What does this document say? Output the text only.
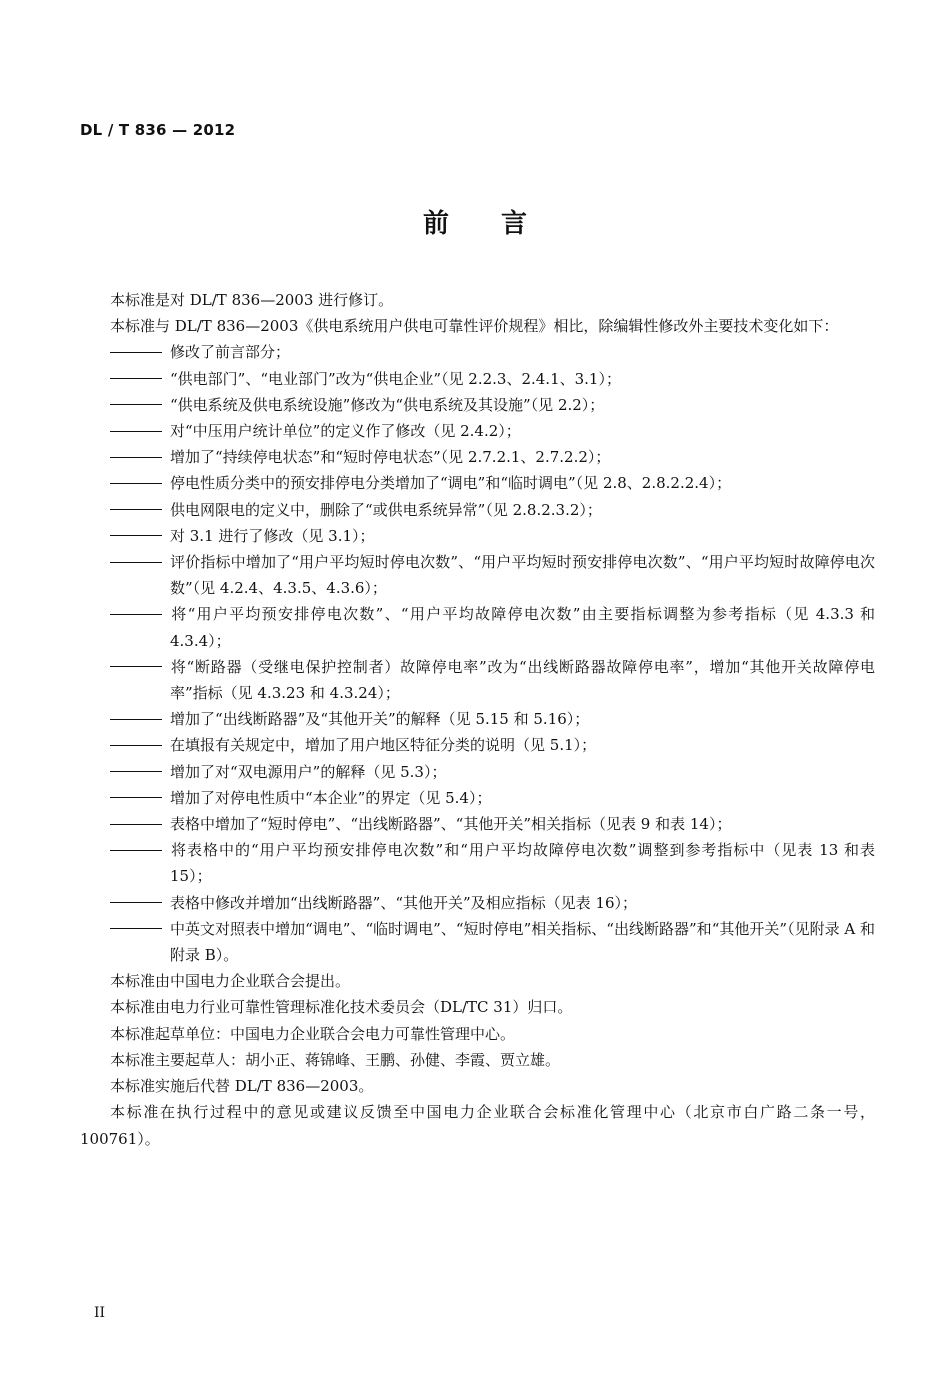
DL / T 836 — 2012
前言

本标准是对 DL/T 836—2003 进行修订。

本标准与 DL/T 836—2003《供电系统用户供电可靠性评价规程》相比，除编辑性修改外主要技术变化如下：

修改了前言部分；

“供电部门”、“电业部门”改为“供电企业”（见 2.2.3、2.4.1、3.1）；

“供电系统及供电系统设施”修改为“供电系统及其设施”（见 2.2）；

对“中压用户统计单位”的定义作了修改（见 2.4.2）；

增加了“持续停电状态”和“短时停电状态”（见 2.7.2.1、2.7.2.2）；

停电性质分类中的预安排停电分类增加了“调电”和“临时调电”（见 2.8、2.8.2.2.4）；

供电网限电的定义中，删除了“或供电系统异常”（见 2.8.2.3.2）；

对 3.1 进行了修改（见 3.1）；

评价指标中增加了“用户平均短时停电次数”、“用户平均短时预安排停电次数”、“用户平均短时故障停电次数”（见 4.2.4、4.3.5、4.3.6）；

将“用户平均预安排停电次数”、“用户平均故障停电次数”由主要指标调整为参考指标（见 4.3.3 和 4.3.4）；

将“断路器（受继电保护控制者）故障停电率”改为“出线断路器故障停电率”，增加“其他开关故障停电率”指标（见 4.3.23 和 4.3.24）；

增加了“出线断路器”及“其他开关”的解释（见 5.15 和 5.16）；

在填报有关规定中，增加了用户地区特征分类的说明（见 5.1）；

增加了对“双电源用户”的解释（见 5.3）；

增加了对停电性质中“本企业”的界定（见 5.4）；

表格中增加了“短时停电”、“出线断路器”、“其他开关”相关指标（见表 9 和表 14）；

将表格中的“用户平均预安排停电次数”和“用户平均故障停电次数”调整到参考指标中（见表 13 和表 15）；

表格中修改并增加“出线断路器”、“其他开关”及相应指标（见表 16）；

中英文对照表中增加“调电”、“临时调电”、“短时停电”相关指标、“出线断路器”和“其他开关”（见附录 A 和附录 B）。

本标准由中国电力企业联合会提出。

本标准由电力行业可靠性管理标准化技术委员会（DL/TC 31）归口。

本标准起草单位：中国电力企业联合会电力可靠性管理中心。

本标准主要起草人：胡小正、蒋锦峰、王鹏、孙健、李霞、贾立雄。

本标准实施后代替 DL/T 836—2003。

本标准在执行过程中的意见或建议反馈至中国电力企业联合会标准化管理中心（北京市白广路二条一号，100761）。

II
